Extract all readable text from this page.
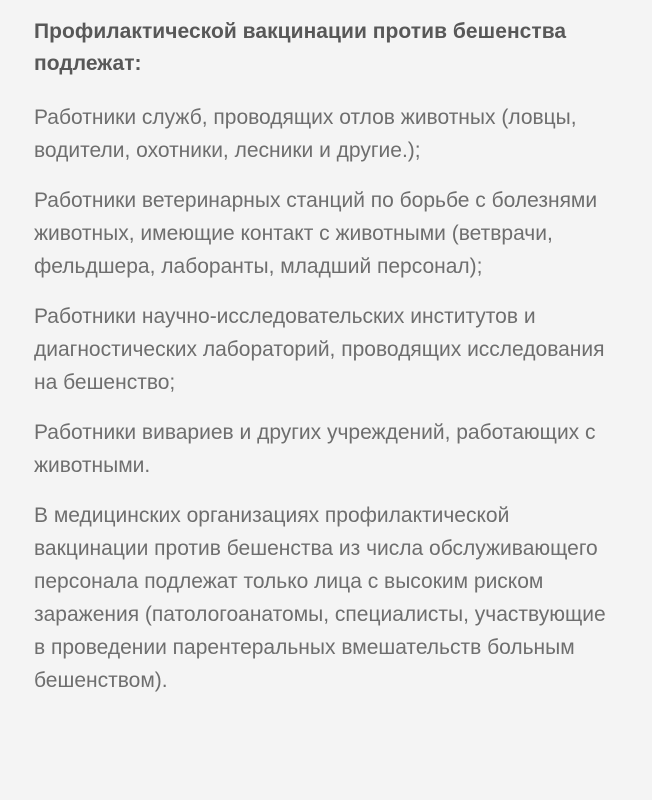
Профилактической вакцинации против бешенства подлежат:

Работники служб, проводящих отлов животных (ловцы, водители, охотники, лесники и другие.);

Работники ветеринарных станций по борьбе с болезнями животных, имеющие контакт с животными (ветврачи, фельдшера, лаборанты, младший персонал);

Работники научно-исследовательских институтов и диагностических лабораторий, проводящих исследования на бешенство;

Работники вивариев и других учреждений, работающих с животными.

В медицинских организациях профилактической вакцинации против бешенства из числа обслуживающего персонала подлежат только лица с высоким риском заражения (патологоанатомы, специалисты, участвующие в проведении парентеральных вмешательств больным бешенством).
